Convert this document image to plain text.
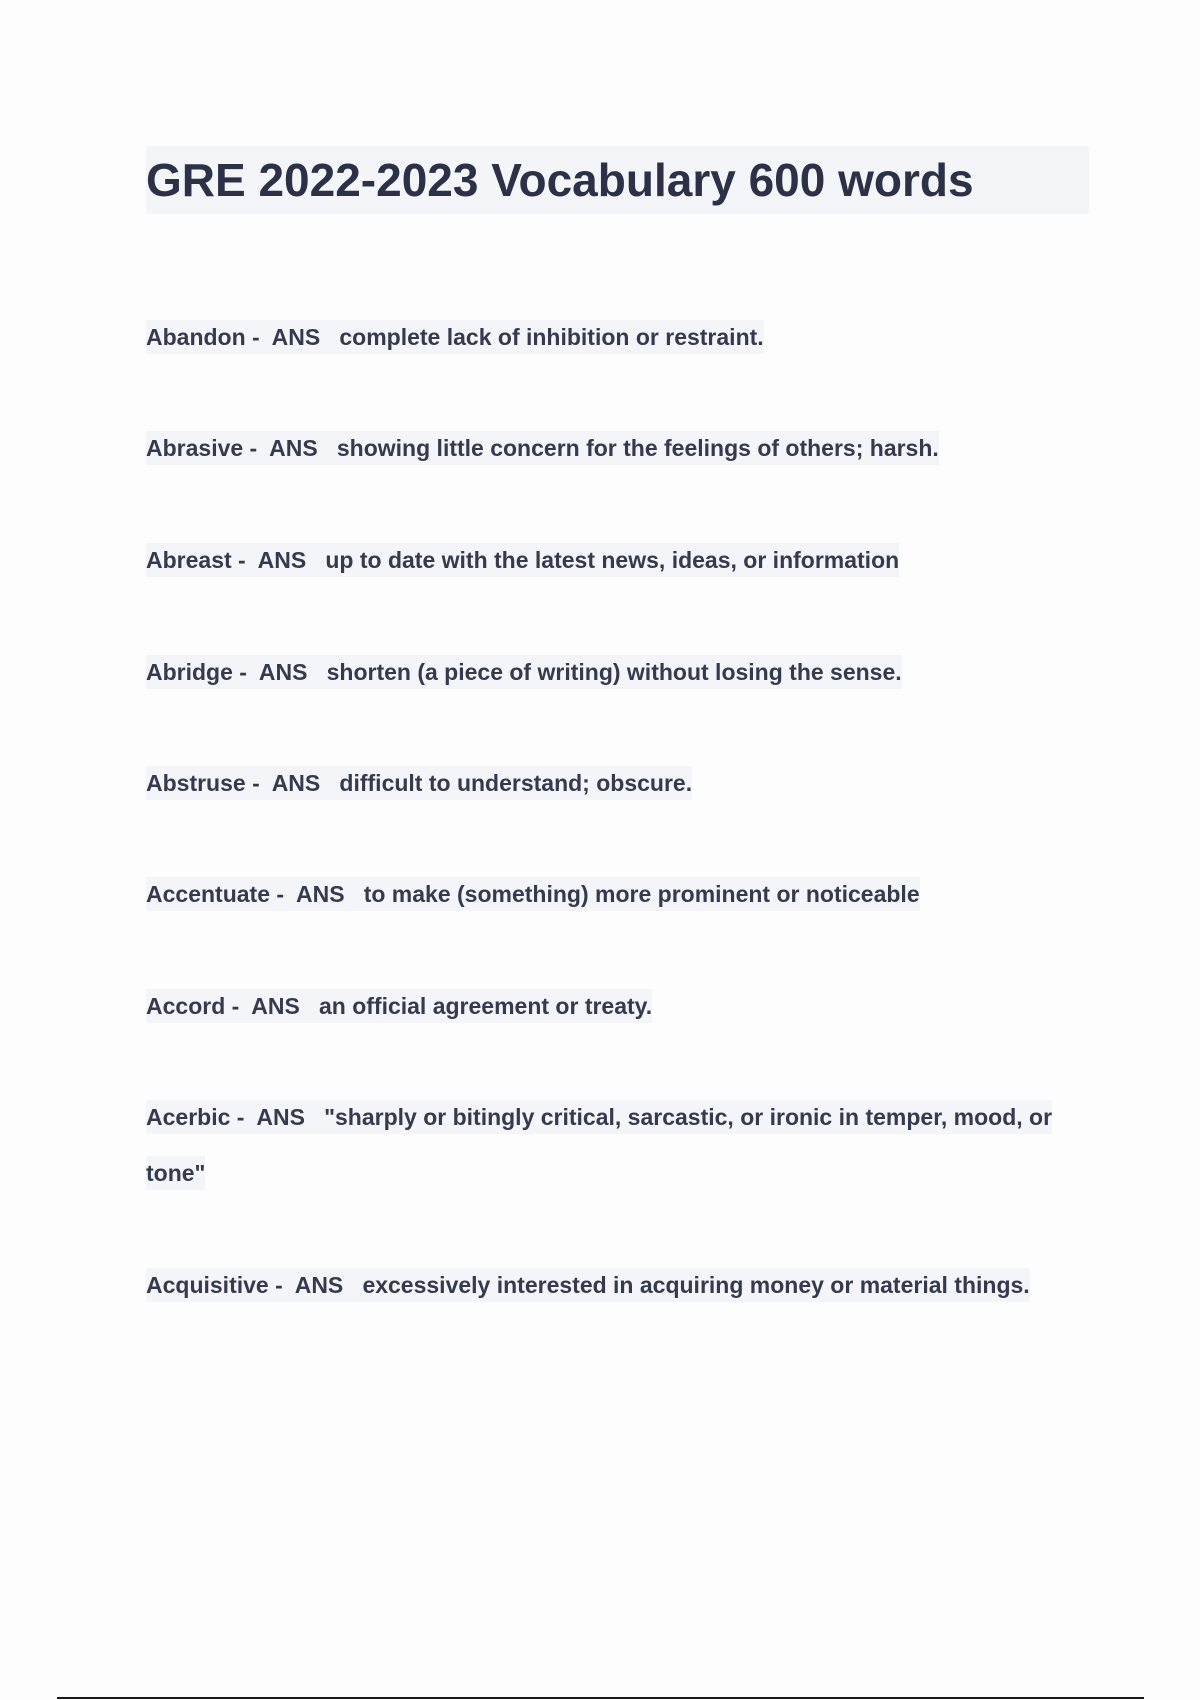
GRE 2022-2023 Vocabulary 600 words
Abandon -  ANS complete lack of inhibition or restraint.
Abrasive -  ANS showing little concern for the feelings of others; harsh.
Abreast -  ANS up to date with the latest news, ideas, or information
Abridge -  ANS shorten (a piece of writing) without losing the sense.
Abstruse -  ANS difficult to understand; obscure.
Accentuate -  ANS to make (something) more prominent or noticeable
Accord -  ANS an official agreement or treaty.
Acerbic -  ANS "sharply or bitingly critical, sarcastic, or ironic in temper, mood, or tone"
Acquisitive -  ANS excessively interested in acquiring money or material things.
